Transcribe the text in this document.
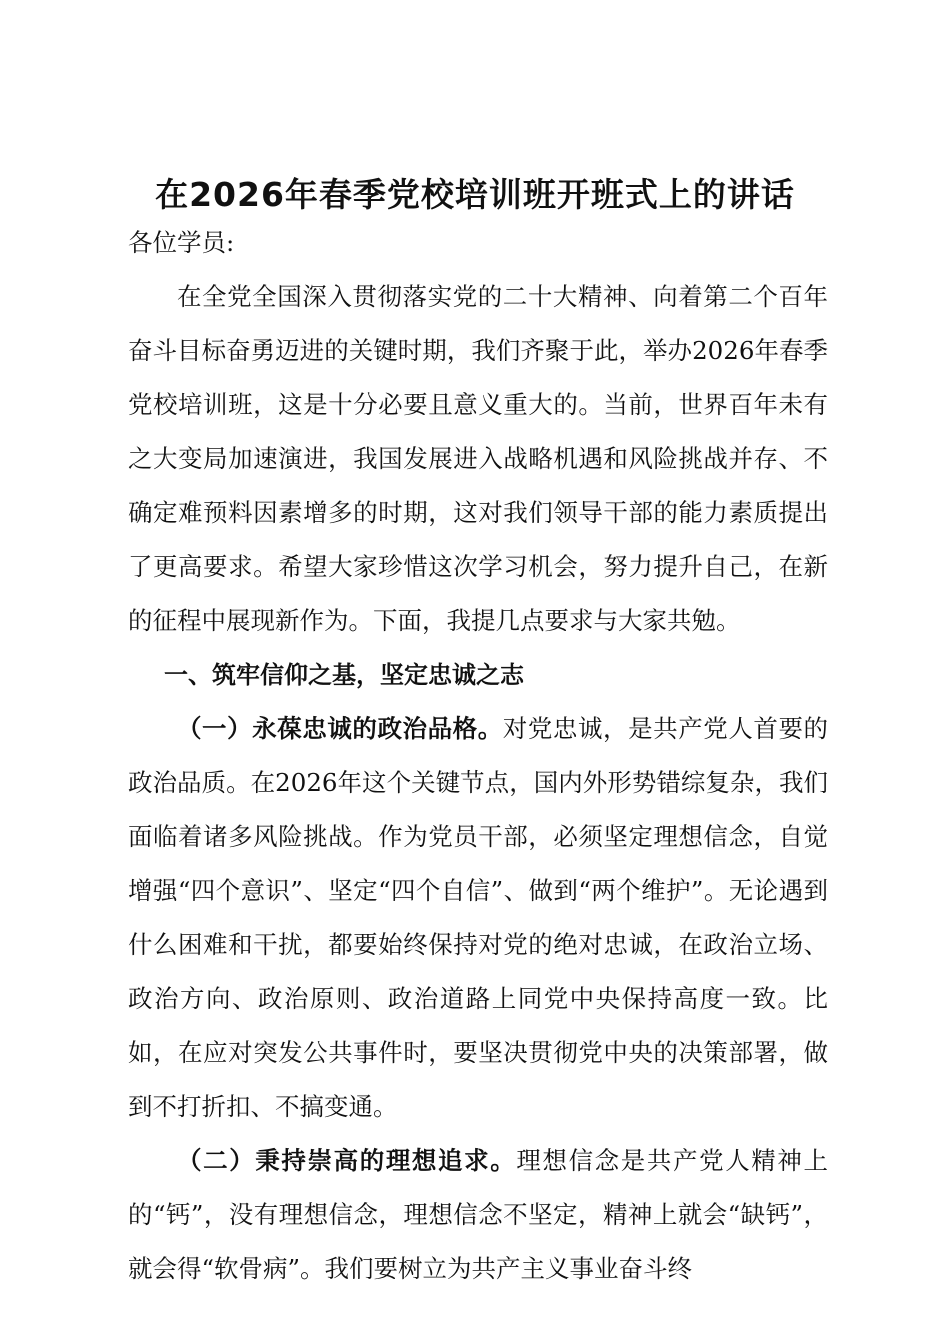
在2026年春季党校培训班开班式上的讲话

各位学员:

在全党全国深入贯彻落实党的二十大精神、向着第二个百年奋斗目标奋勇迈进的关键时期，我们齐聚于此，举办2026年春季党校培训班，这是十分必要且意义重大的。当前，世界百年未有之大变局加速演进，我国发展进入战略机遇和风险挑战并存、不确定难预料因素增多的时期，这对我们领导干部的能力素质提出了更高要求。希望大家珍惜这次学习机会，努力提升自己，在新的征程中展现新作为。下面，我提几点要求与大家共勉。

一、筑牢信仰之基，坚定忠诚之志

（一）永葆忠诚的政治品格。对党忠诚，是共产党人首要的政治品质。在2026年这个关键节点，国内外形势错综复杂，我们面临着诸多风险挑战。作为党员干部，必须坚定理想信念，自觉增强“四个意识”、坚定“四个自信”、做到“两个维护”。无论遇到什么困难和干扰，都要始终保持对党的绝对忠诚，在政治立场、政治方向、政治原则、政治道路上同党中央保持高度一致。比如，在应对突发公共事件时，要坚决贯彻党中央的决策部署，做到不打折扣、不搞变通。

（二）秉持崇高的理想追求。理想信念是共产党人精神上的“钙”，没有理想信念，理想信念不坚定，精神上就会“缺钙”，就会得“软骨病”。我们要树立为共产主义事业奋斗终
